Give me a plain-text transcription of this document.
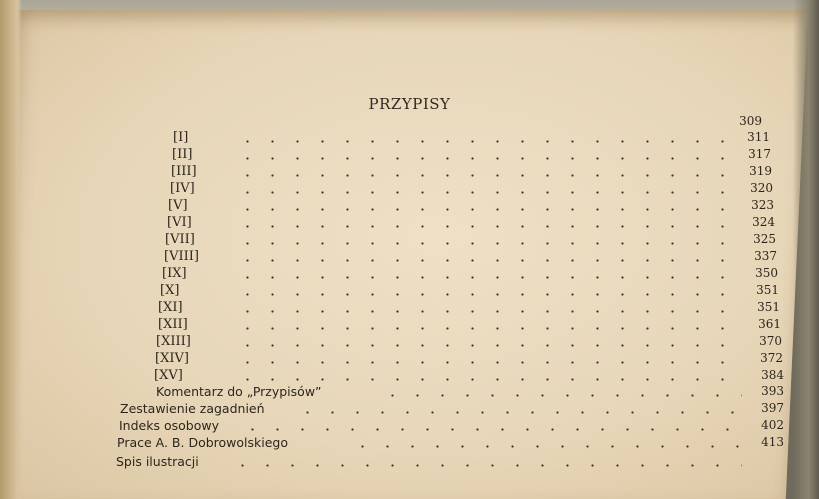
PRZYPISY
309
[I]	311
[II]	317
[III]	319
[IV]	320
[V]	323
[VI]	324
[VII]	325
[VIII]	337
[IX]	350
[X]	351
[XI]	351
[XII]	361
[XIII]	370
[XIV]	372
[XV]	384
Komentarz do „Przypisów”	393
Zestawienie zagadnień	397
Indeks osobowy	402
Prace A. B. Dobrowolskiego	413
Spis ilustracji
